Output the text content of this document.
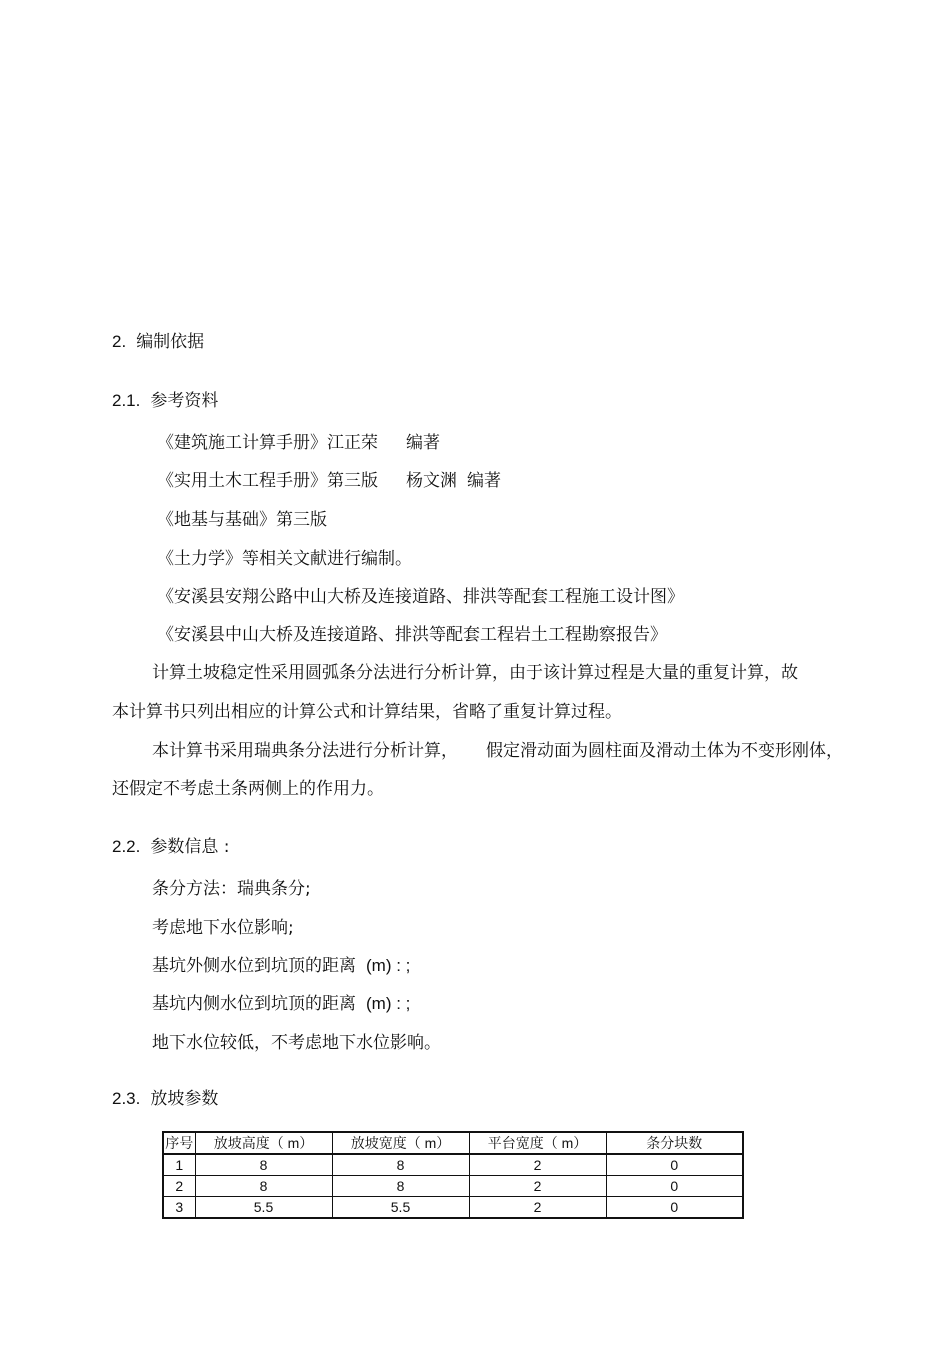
2. 编制依据
2.1. 参考资料
《建筑施工计算手册》江正荣 编著
《实用土木工程手册》第三版 杨文渊 编著
《地基与基础》第三版
《土力学》等相关文献进行编制。
《安溪县安翔公路中山大桥及连接道路、排洪等配套工程施工设计图》
《安溪县中山大桥及连接道路、排洪等配套工程岩土工程勘察报告》
计算土坡稳定性采用圆弧条分法进行分析计算，由于该计算过程是大量的重复计算，故
本计算书只列出相应的计算公式和计算结果，省略了重复计算过程。
本计算书采用瑞典条分法进行分析计算， 假定滑动面为圆柱面及滑动土体为不变形刚体，
还假定不考虑土条两侧上的作用力。
2.2. 参数信息 :
条分方法：瑞典条分;
考虑地下水位影响;
基坑外侧水位到坑顶的距离 (m) : ;
基坑内侧水位到坑顶的距离 (m) : ;
地下水位较低，不考虑地下水位影响。
2.3. 放坡参数
序号	放坡高度（ m）	放坡宽度（ m）	平台宽度（ m）	条分块数
1	8	8	2	0
2	8	8	2	0
3	5.5	5.5	2	0
